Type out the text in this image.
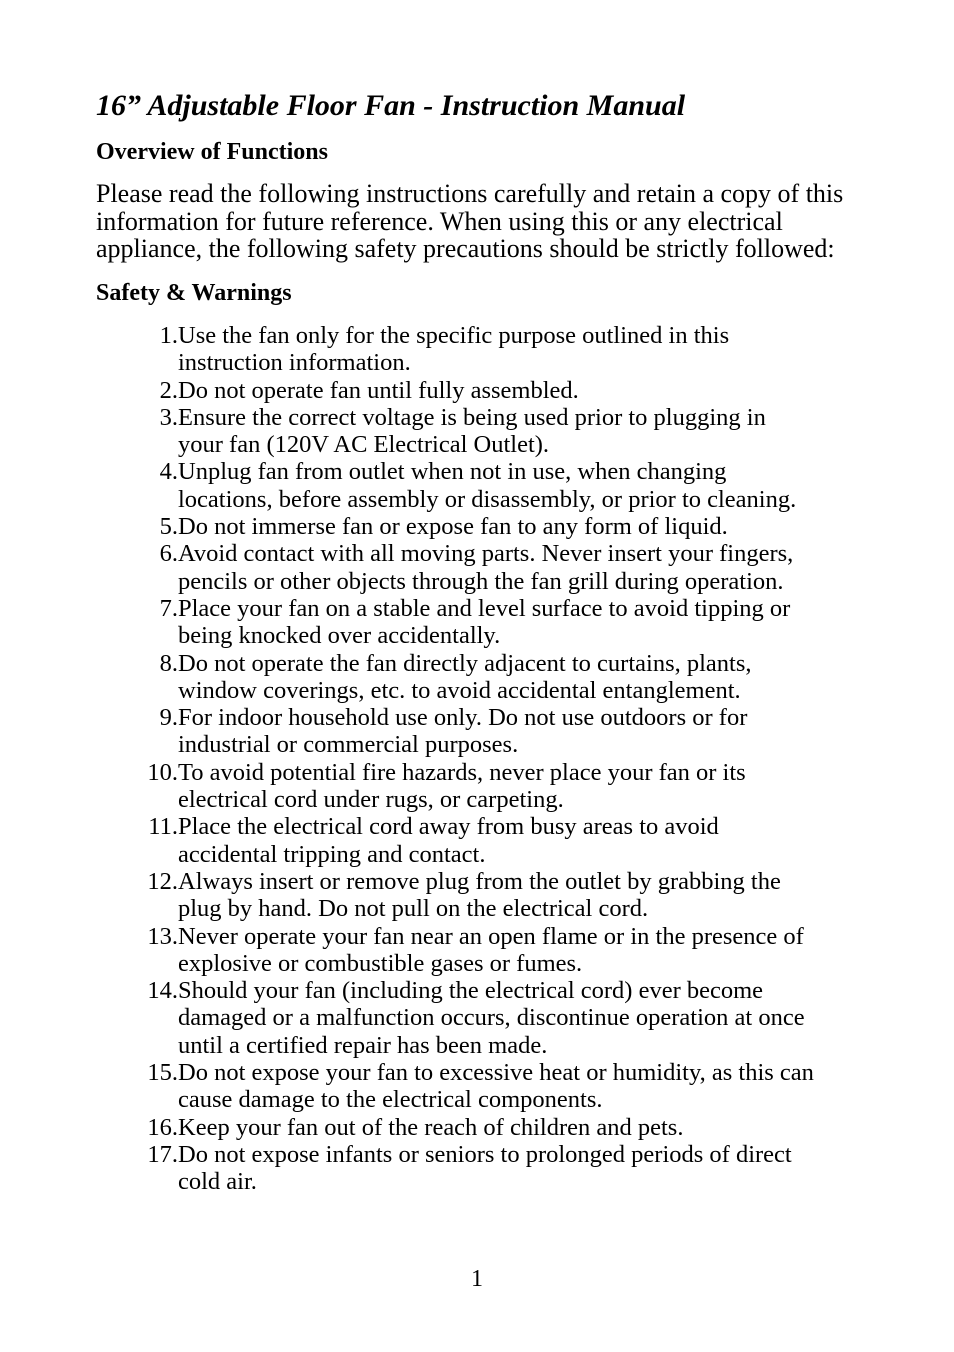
16” Adjustable Floor Fan - Instruction Manual
Overview of Functions

Please read the following instructions carefully and retain a copy of this
information for future reference. When using this or any electrical
appliance, the following safety precautions should be strictly followed:

Safety & Warnings
1. Use the fan only for the specific purpose outlined in this
instruction information.
2. Do not operate fan until fully assembled.
3. Ensure the correct voltage is being used prior to plugging in
your fan (120V AC Electrical Outlet).
4. Unplug fan from outlet when not in use, when changing
locations, before assembly or disassembly, or prior to cleaning.
5. Do not immerse fan or expose fan to any form of liquid.
6. Avoid contact with all moving parts. Never insert your fingers,
pencils or other objects through the fan grill during operation.
7. Place your fan on a stable and level surface to avoid tipping or
being knocked over accidentally.
8. Do not operate the fan directly adjacent to curtains, plants,
window coverings, etc. to avoid accidental entanglement.
9. For indoor household use only. Do not use outdoors or for
industrial or commercial purposes.
10. To avoid potential fire hazards, never place your fan or its
electrical cord under rugs, or carpeting.
11. Place the electrical cord away from busy areas to avoid
accidental tripping and contact.
12. Always insert or remove plug from the outlet by grabbing the
plug by hand. Do not pull on the electrical cord.
13. Never operate your fan near an open flame or in the presence of
explosive or combustible gases or fumes.
14. Should your fan (including the electrical cord) ever become
damaged or a malfunction occurs, discontinue operation at once
until a certified repair has been made.
15. Do not expose your fan to excessive heat or humidity, as this can
cause damage to the electrical components.
16. Keep your fan out of the reach of children and pets.
17. Do not expose infants or seniors to prolonged periods of direct
cold air.

1
